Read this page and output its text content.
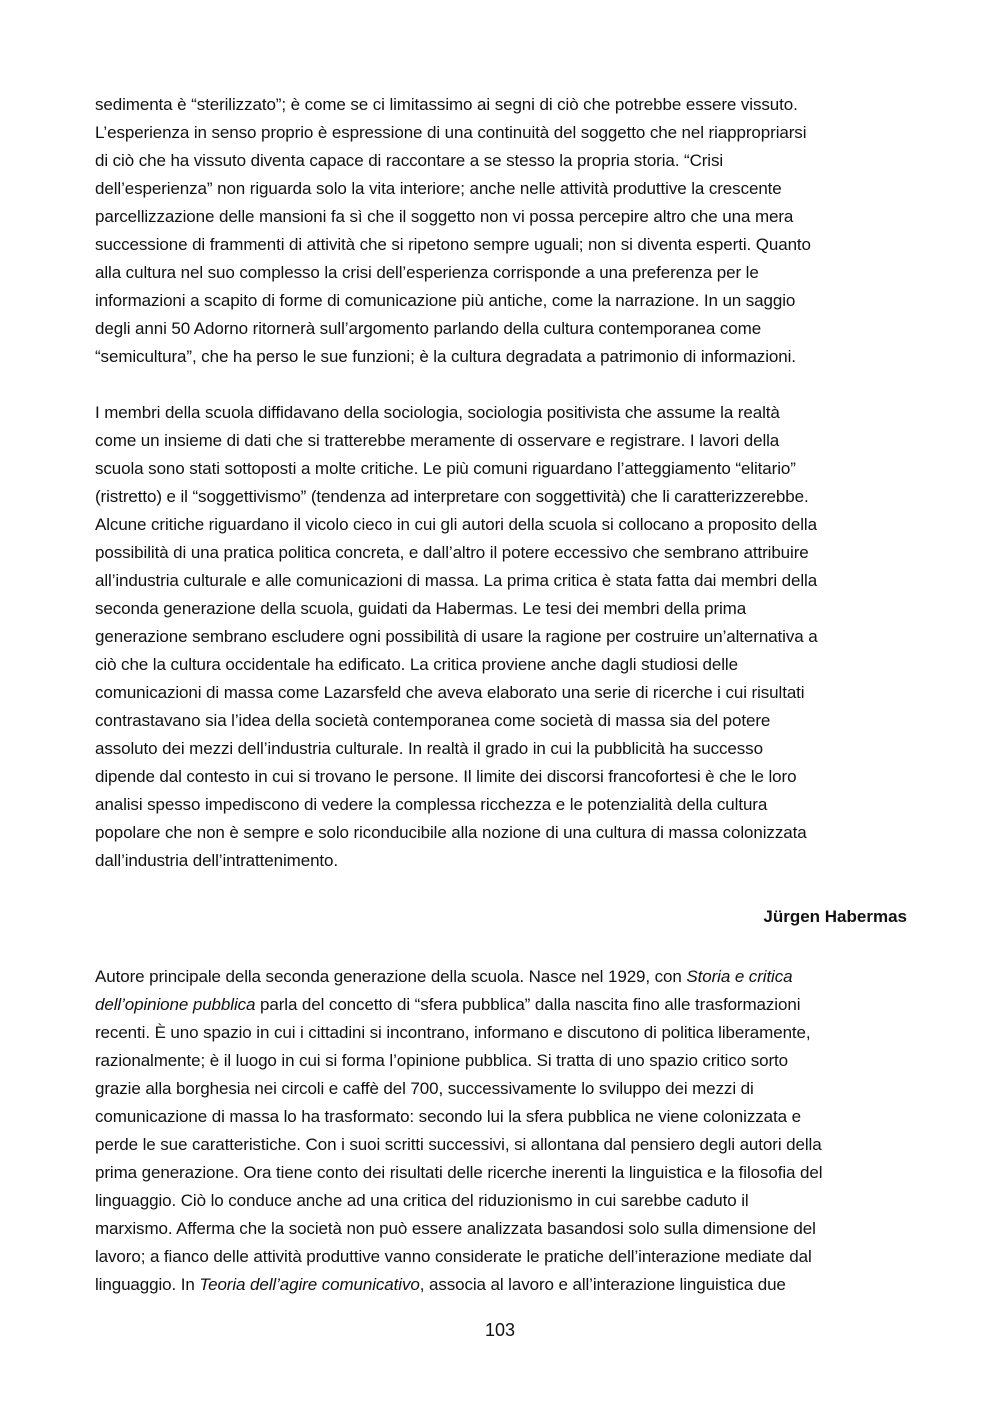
sedimenta è “sterilizzato”; è come se ci limitassimo ai segni di ciò che potrebbe essere vissuto.
L’esperienza in senso proprio è espressione di una continuità del soggetto che nel riappropriarsi
di ciò che ha vissuto diventa capace di raccontare a se stesso la propria storia. “Crisi
dell’esperienza” non riguarda solo la vita interiore; anche nelle attività produttive la crescente
parcellizzazione delle mansioni fa sì che il soggetto non vi possa percepire altro che una mera
successione di frammenti di attività che si ripetono sempre uguali; non si diventa esperti. Quanto
alla cultura nel suo complesso la crisi dell’esperienza corrisponde a una preferenza per le
informazioni a scapito di forme di comunicazione più antiche, come la narrazione. In un saggio
degli anni 50 Adorno ritornerà sull’argomento parlando della cultura contemporanea come
“semicultura”, che ha perso le sue funzioni; è la cultura degradata a patrimonio di informazioni.
I membri della scuola diffidavano della sociologia, sociologia positivista che assume la realtà
come un insieme di dati che si tratterebbe meramente di osservare e registrare. I lavori della
scuola sono stati sottoposti a molte critiche. Le più comuni riguardano l’atteggiamento “elitario”
(ristretto) e il “soggettivismo” (tendenza ad interpretare con soggettività) che li caratterizzerebbe.
Alcune critiche riguardano il vicolo cieco in cui gli autori della scuola si collocano a proposito della
possibilità di una pratica politica concreta, e dall’altro il potere eccessivo che sembrano attribuire
all’industria culturale e alle comunicazioni di massa. La prima critica è stata fatta dai membri della
seconda generazione della scuola, guidati da Habermas. Le tesi dei membri della prima
generazione sembrano escludere ogni possibilità di usare la ragione per costruire un’alternativa a
ciò che la cultura occidentale ha edificato. La critica proviene anche dagli studiosi delle
comunicazioni di massa come Lazarsfeld che aveva elaborato una serie di ricerche i cui risultati
contrastavano sia l’idea della società contemporanea come società di massa sia del potere
assoluto dei mezzi dell’industria culturale. In realtà il grado in cui la pubblicità ha successo
dipende dal contesto in cui si trovano le persone. Il limite dei discorsi francofortesi è che le loro
analisi spesso impediscono di vedere la complessa ricchezza e le potenzialità della cultura
popolare che non è sempre e solo riconducibile alla nozione di una cultura di massa colonizzata
dall’industria dell’intrattenimento.
Jürgen Habermas
Autore principale della seconda generazione della scuola. Nasce nel 1929, con Storia e critica
dell’opinione pubblica parla del concetto di “sfera pubblica” dalla nascita fino alle trasformazioni
recenti. È uno spazio in cui i cittadini si incontrano, informano e discutono di politica liberamente,
razionalmente; è il luogo in cui si forma l’opinione pubblica. Si tratta di uno spazio critico sorto
grazie alla borghesia nei circoli e caffè del 700, successivamente lo sviluppo dei mezzi di
comunicazione di massa lo ha trasformato: secondo lui la sfera pubblica ne viene colonizzata e
perde le sue caratteristiche. Con i suoi scritti successivi, si allontana dal pensiero degli autori della
prima generazione. Ora tiene conto dei risultati delle ricerche inerenti la linguistica e la filosofia del
linguaggio. Ciò lo conduce anche ad una critica del riduzionismo in cui sarebbe caduto il
marxismo. Afferma che la società non può essere analizzata basandosi solo sulla dimensione del
lavoro; a fianco delle attività produttive vanno considerate le pratiche dell’interazione mediate dal
linguaggio. In Teoria dell’agire comunicativo, associa al lavoro e all’interazione linguistica due
103
